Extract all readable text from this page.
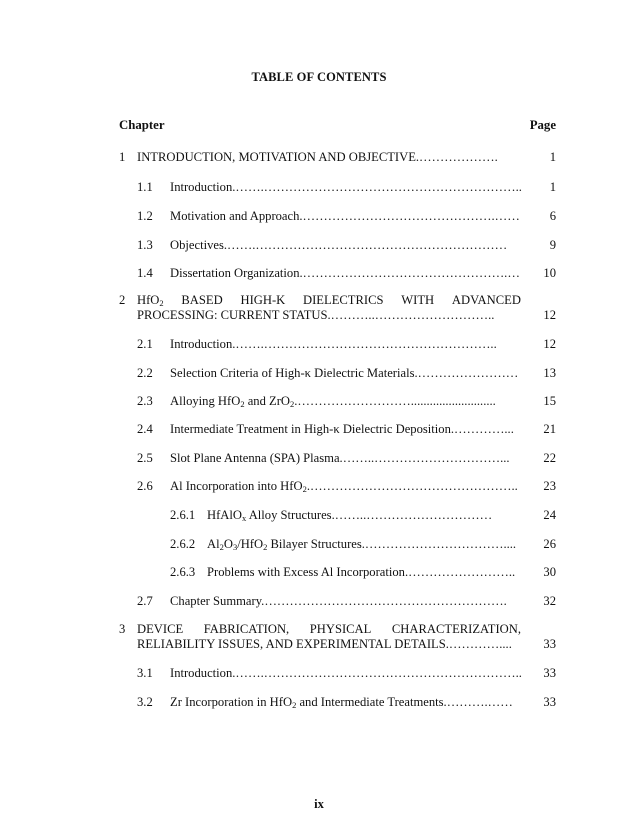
TABLE OF CONTENTS
Chapter	Page
1 INTRODUCTION, MOTIVATION AND OBJECTIVE.……………….	1
1.1 Introduction.…….…………………………………………………….. 1
1.2 Motivation and Approach.……………………………………….…… 6
1.3 Objectives.…….……………………………………………………	9
1.4 Dissertation Organization.………………………………………….… 10
2 HfO$_2$ BASED HIGH-K DIELECTRICS WITH ADVANCED
PROCESSING: CURRENT STATUS.………..………………………..	12
2.1 Introduction.…….………………………………………………..	12
2.2 Selection Criteria of High-κ Dielectric Materials.…………………… 13
2.3 Alloying HfO$_2$ and ZrO$_2$.………………………...........................	15
2.4 Intermediate Treatment in High-κ Dielectric Deposition.…………... 21
2.5 Slot Plane Antenna (SPA) Plasma.……..…………………………...	22
2.6 Al Incorporation into HfO$_2$.………………………………………….. 23
2.6.1 HfAlO$_x$ Alloy Structures.……..…………………………	24
2.6.2 $Al_2O_3/HfO_2$ Bilayer Structures.…………………………….... 26
2.6.3 Problems with Excess Al Incorporation.…………………….. 30
2.7 Chapter Summary.………………………………………………….	32
3 DEVICE FABRICATION, PHYSICAL CHARACTERIZATION,
RELIABILITY ISSUES, AND EXPERIMENTAL DETAILS.…………....	33
3.1 Introduction.…….…………………………………………………….. 33
3.2 Zr Incorporation in HfO$_2$ and Intermediate Treatments.……….…… 33
ix
